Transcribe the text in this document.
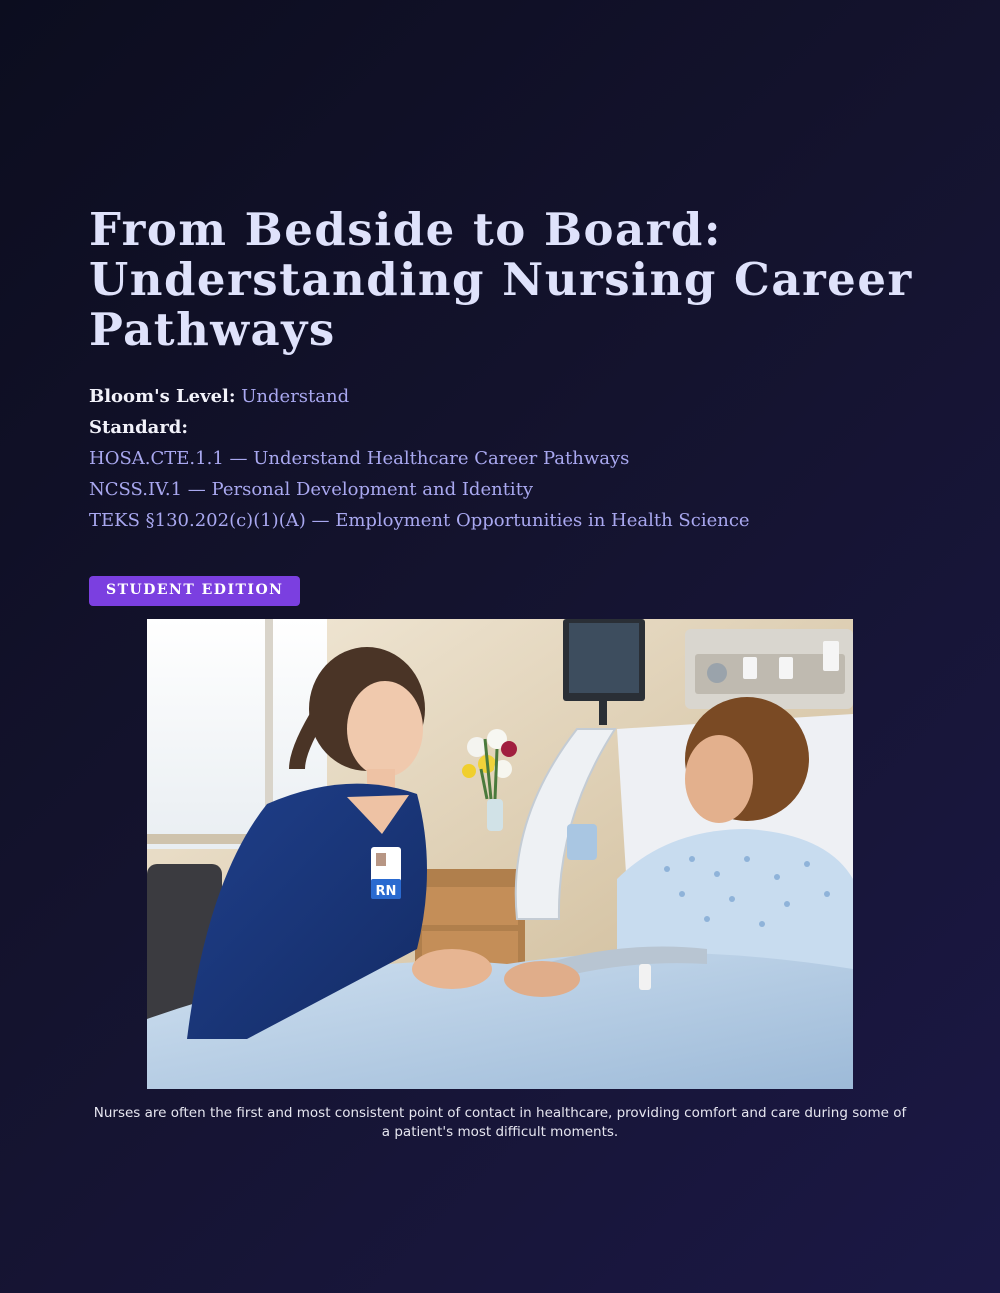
From Bedside to Board:
Understanding Nursing Career
Pathways
Bloom's Level: Understand
Standard:
HOSA.CTE.1.1 — Understand Healthcare Career Pathways
NCSS.IV.1 — Personal Development and Identity
TEKS §130.202(c)(1)(A) — Employment Opportunities in Health Science
STUDENT EDITION
RN
Nurses are often the first and most consistent point of contact in healthcare, providing comfort and care during some of a patient's most difficult moments.
